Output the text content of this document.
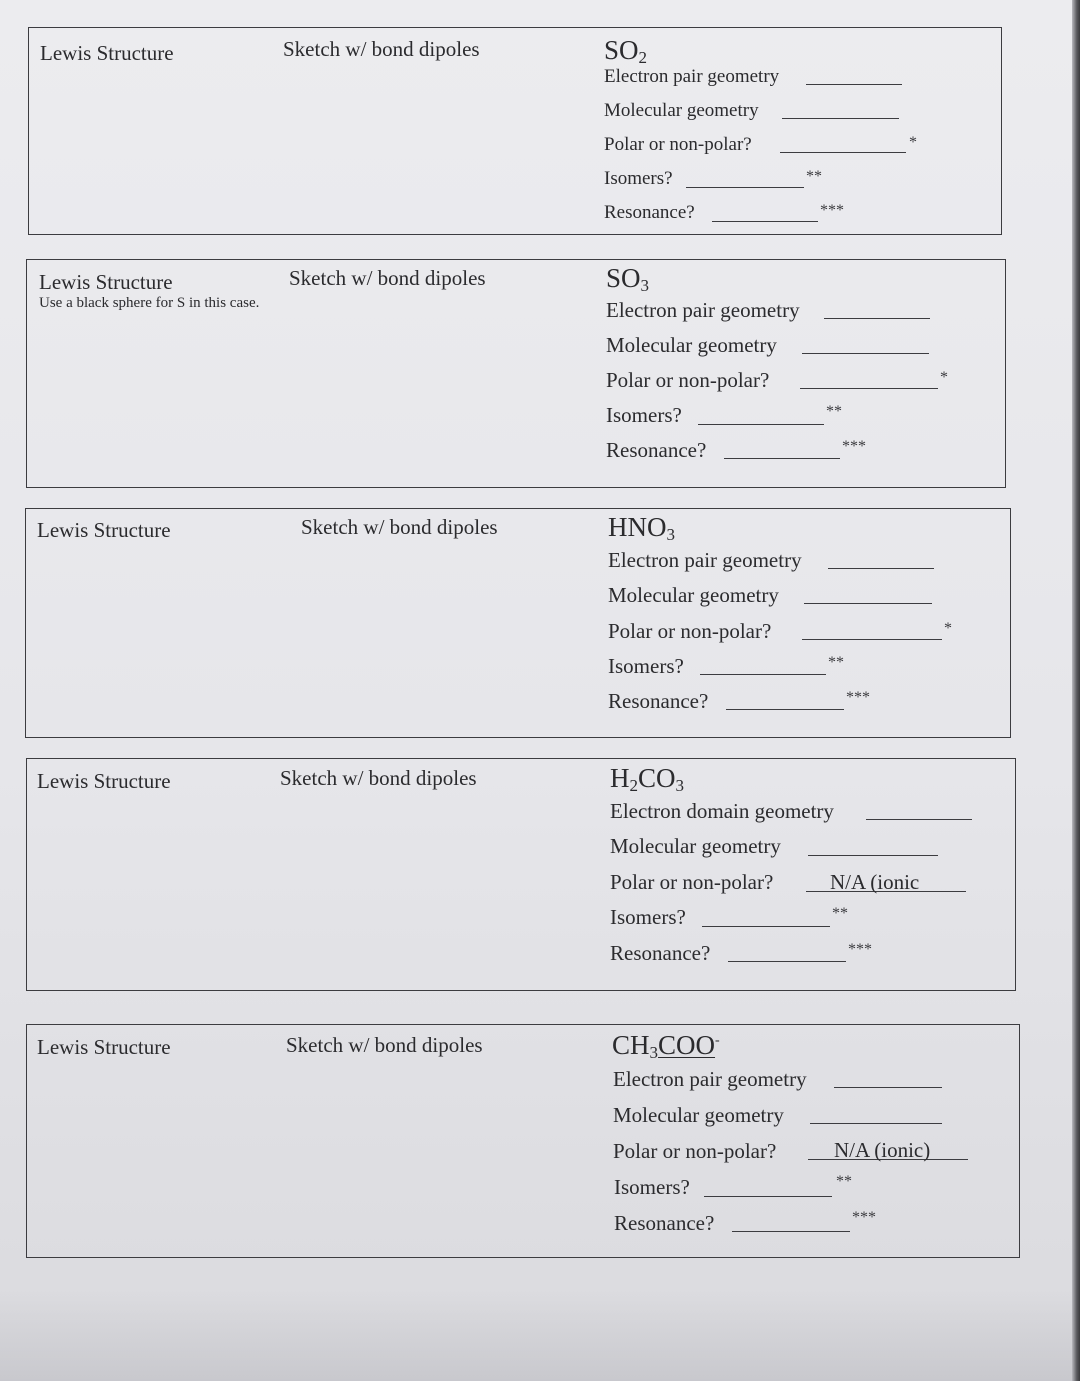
Lewis Structure	Sketch w/ bond dipoles	$SO_2$
Electron pair geometry
Molecular geometry
Polar or non-polar?	*
Isomers?	**
Resonance?	***
Lewis Structure
Use a black sphere for S in this case.
Sketch w/ bond dipoles	$SO_3$
Electron pair geometry
Molecular geometry
Polar or non-polar?	*
Isomers?	**
Resonance?	***
Lewis Structure	Sketch w/ bond dipoles	$HNO_3$
Electron pair geometry
Molecular geometry
Polar or non-polar?	*
Isomers?	**
Resonance?	***
Lewis Structure	Sketch w/ bond dipoles	$H_2CO_3$
Electron domain geometry
Molecular geometry
Polar or non-polar?	N/A (ionic
Isomers?	**
Resonance?	***
Lewis Structure	Sketch w/ bond dipoles	$CH_3COO^-$
Electron pair geometry
Molecular geometry
Polar or non-polar?	N/A (ionic)
Isomers?	**
Resonance?	***
